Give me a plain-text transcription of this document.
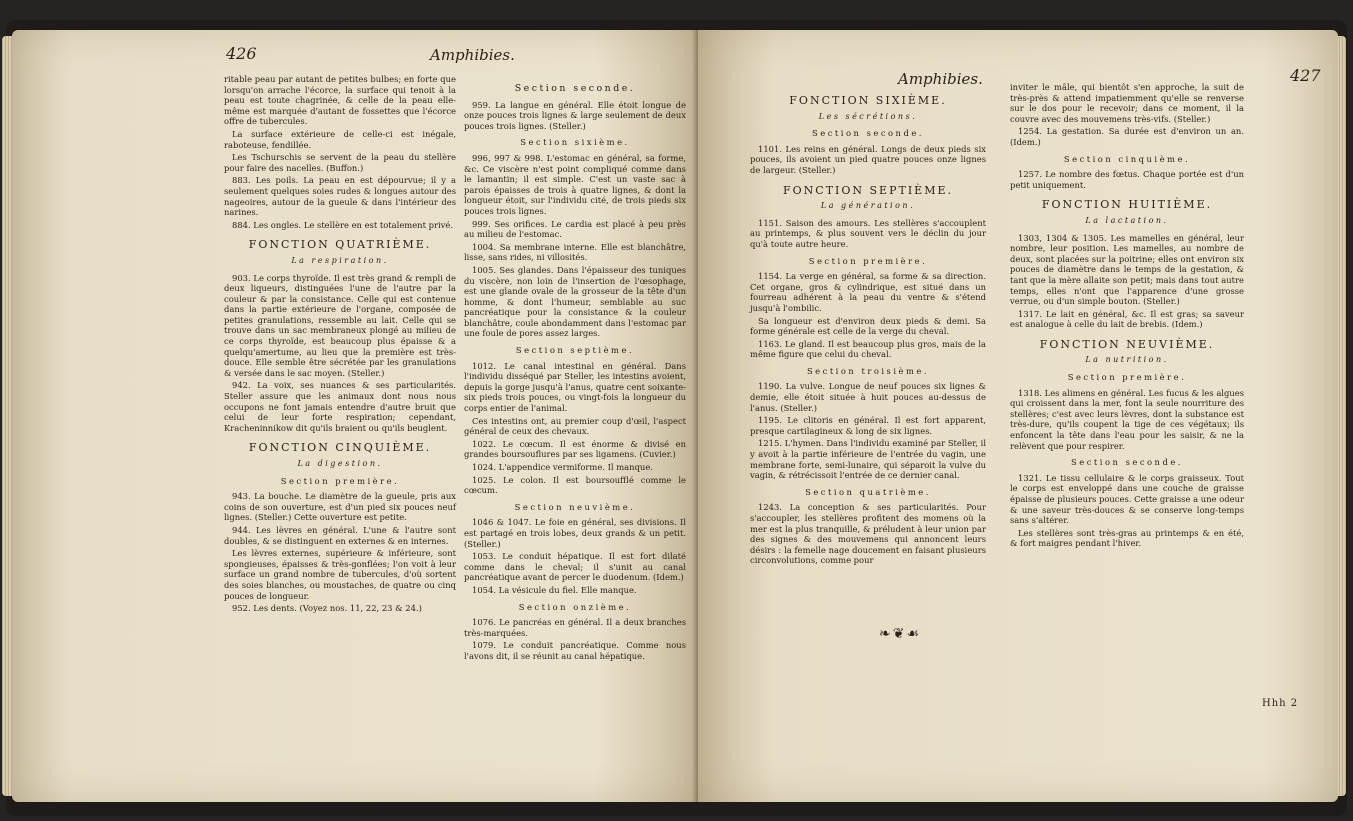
426	Amphibies.

ritable peau par autant de petites bulbes; en forte que lorsqu'on arrache l'écorce, la surface qui tenoit à la peau est toute chagrinée, & celle de la peau elle-même est marquée d'autant de fossettes que l'écorce offre de tubercules.

La surface extérieure de celle-ci est inégale, raboteuse, fendillée.

Les Tschurschis se servent de la peau du stellère pour faire des nacelles. (Buffon.)

883. Les poils. La peau en est dépourvue; il y a seulement quelques soies rudes & longues autour des nageoires, autour de la gueule & dans l'intérieur des narines.

884. Les ongles. Le stellère en est totalement privé.

FONCTION QUATRIÈME.
La respiration.

903. Le corps thyroïde. Il est très grand & rempli de deux liqueurs, distinguées l'une de l'autre par la couleur & par la consistance. Celle qui est contenue dans la partie extérieure de l'organe, composée de petites granulations, ressemble au lait. Celle qui se trouve dans un sac membraneux plongé au milieu de ce corps thyroïde, est beaucoup plus épaisse & a quelqu'amertume, au lieu que la première est très-douce. Elle semble être sécrétée par les granulations & versée dans le sac moyen. (Steller.)

942. La voix, ses nuances & ses particularités. Steller assure que les animaux dont nous nous occupons ne font jamais entendre d'autre bruit que celui de leur forte respiration; cependant, Kracheninnikow dit qu'ils braient ou qu'ils beuglent.

FONCTION CINQUIÈME.
La digestion.
Section première.

943. La bouche. Le diamètre de la gueule, pris aux coins de son ouverture, est d'un pied six pouces neuf lignes. (Steller.) Cette ouverture est petite.

944. Les lèvres en général. L'une & l'autre sont doubles, & se distinguent en externes & en internes.

Les lèvres externes, supérieure & inférieure, sont spongieuses, épaisses & très-gonflées; l'on voit à leur surface un grand nombre de tubercules, d'où sortent des soies blanches, ou moustaches, de quatre ou cinq pouces de longueur.

952. Les dents. (Voyez nos. 11, 22, 23 & 24.)

Section seconde.

959. La langue en général. Elle étoit longue de onze pouces trois lignes & large seulement de deux pouces trois lignes. (Steller.)

Section sixième.

996, 997 & 998. L'estomac en général, sa forme, &c. Ce viscère n'est point compliqué comme dans le lamantin; il est simple. C'est un vaste sac à parois épaisses de trois à quatre lignes, & dont la longueur étoit, sur l'individu cité, de trois pieds six pouces trois lignes.

999. Ses orifices. Le cardia est placé à peu près au milieu de l'estomac.

1004. Sa membrane interne. Elle est blanchâtre, lisse, sans rides, ni villosités.

1005. Ses glandes. Dans l'épaisseur des tuniques du viscère, non loin de l'insertion de l'œsophage, est une glande ovale de la grosseur de la tête d'un homme, & dont l'humeur, semblable au suc pancréatique pour la consistance & la couleur blanchâtre, coule abondamment dans l'estomac par une foule de pores assez larges.

Section septième.

1012. Le canal intestinal en général. Dans l'individu disséqué par Steller, les intestins avoient, depuis la gorge jusqu'à l'anus, quatre cent soixante-six pieds trois pouces, ou vingt-fois la longueur du corps entier de l'animal.

Ces intestins ont, au premier coup d'œil, l'aspect général de ceux des chevaux.

1022. Le cœcum. Il est énorme & divisé en grandes boursouflures par ses ligamens. (Cuvier.)

1024. L'appendice vermiforme. Il manque.

1025. Le colon. Il est boursoufflé comme le cœcum.

Section neuvième.

1046 & 1047. Le foie en général, ses divisions. Il est partagé en trois lobes, deux grands & un petit. (Steller.)

1053. Le conduit hépatique. Il est fort dilaté comme dans le cheval; il s'unit au canal pancréatique avant de percer le duodenum. (Idem.)

1054. La vésicule du fiel. Elle manque.

Section onzième.

1076. Le pancréas en général. Il a deux branches très-marquées.

1079. Le conduit pancréatique. Comme nous l'avons dit, il se réunit au canal hépatique.

Amphibies.	427
FONCTION SIXIÈME.
Les sécrétions.
Section seconde.

1101. Les reins en général. Longs de deux pieds six pouces, ils avoient un pied quatre pouces onze lignes de largeur. (Steller.)

FONCTION SEPTIÈME.
La génération.

1151. Saison des amours. Les stellères s'accouplent au printemps, & plus souvent vers le déclin du jour qu'à toute autre heure.

Section première.

1154. La verge en général, sa forme & sa direction. Cet organe, gros & cylindrique, est situé dans un fourreau adhérent à la peau du ventre & s'étend jusqu'à l'ombilic.

Sa longueur est d'environ deux pieds & demi. Sa forme générale est celle de la verge du cheval.

1163. Le gland. Il est beaucoup plus gros, mais de la même figure que celui du cheval.

Section troisième.

1190. La vulve. Longue de neuf pouces six lignes & demie, elle étoit située à huit pouces au-dessus de l'anus. (Steller.)

1195. Le clitoris en général. Il est fort apparent, presque cartilagineux & long de six lignes.

1215. L'hymen. Dans l'individu examiné par Steller, il y avoit à la partie inférieure de l'entrée du vagin, une membrane forte, semi-lunaire, qui séparoit la vulve du vagin, & rétrécissoit l'entrée de ce dernier canal.

Section quatrième.

1243. La conception & ses particularités. Pour s'accoupler, les stellères profitent des momens où la mer est la plus tranquille, & préludent à leur union par des signes & des mouvemens qui annoncent leurs désirs : la femelle nage doucement en faisant plusieurs circonvolutions, comme pour

inviter le mâle, qui bientôt s'en approche, la suit de très-près & attend impatiemment qu'elle se renverse sur le dos pour le recevoir; dans ce moment, il la couvre avec des mouvemens très-vifs. (Steller.)

1254. La gestation. Sa durée est d'environ un an. (Idem.)

Section cinquième.

1257. Le nombre des fœtus. Chaque portée est d'un petit uniquement.

FONCTION HUITIÈME.
La lactation.

1303, 1304 & 1305. Les mamelles en général, leur nombre, leur position. Les mamelles, au nombre de deux, sont placées sur la poitrine; elles ont environ six pouces de diamètre dans le temps de la gestation, & tant que la mère allaite son petit; mais dans tout autre temps, elles n'ont que l'apparence d'une grosse verrue, ou d'un simple bouton. (Steller.)

1317. Le lait en général, &c. Il est gras; sa saveur est analogue à celle du lait de brebis. (Idem.)

FONCTION NEUVIÈME.
La nutrition.
Section première.

1318. Les alimens en général. Les fucus & les algues qui croissent dans la mer, font la seule nourriture des stellères; c'est avec leurs lèvres, dont la substance est très-dure, qu'ils coupent la tige de ces végétaux; ils enfoncent la tête dans l'eau pour les saisir, & ne la relèvent que pour respirer.

Section seconde.

1321. Le tissu cellulaire & le corps graisseux. Tout le corps est enveloppé dans une couche de graisse épaisse de plusieurs pouces. Cette graisse a une odeur & une saveur très-douces & se conserve long-temps sans s'altérer.

Les stellères sont très-gras au printemps & en été, & fort maigres pendant l'hiver.

❧❦☙
Hhh 2
